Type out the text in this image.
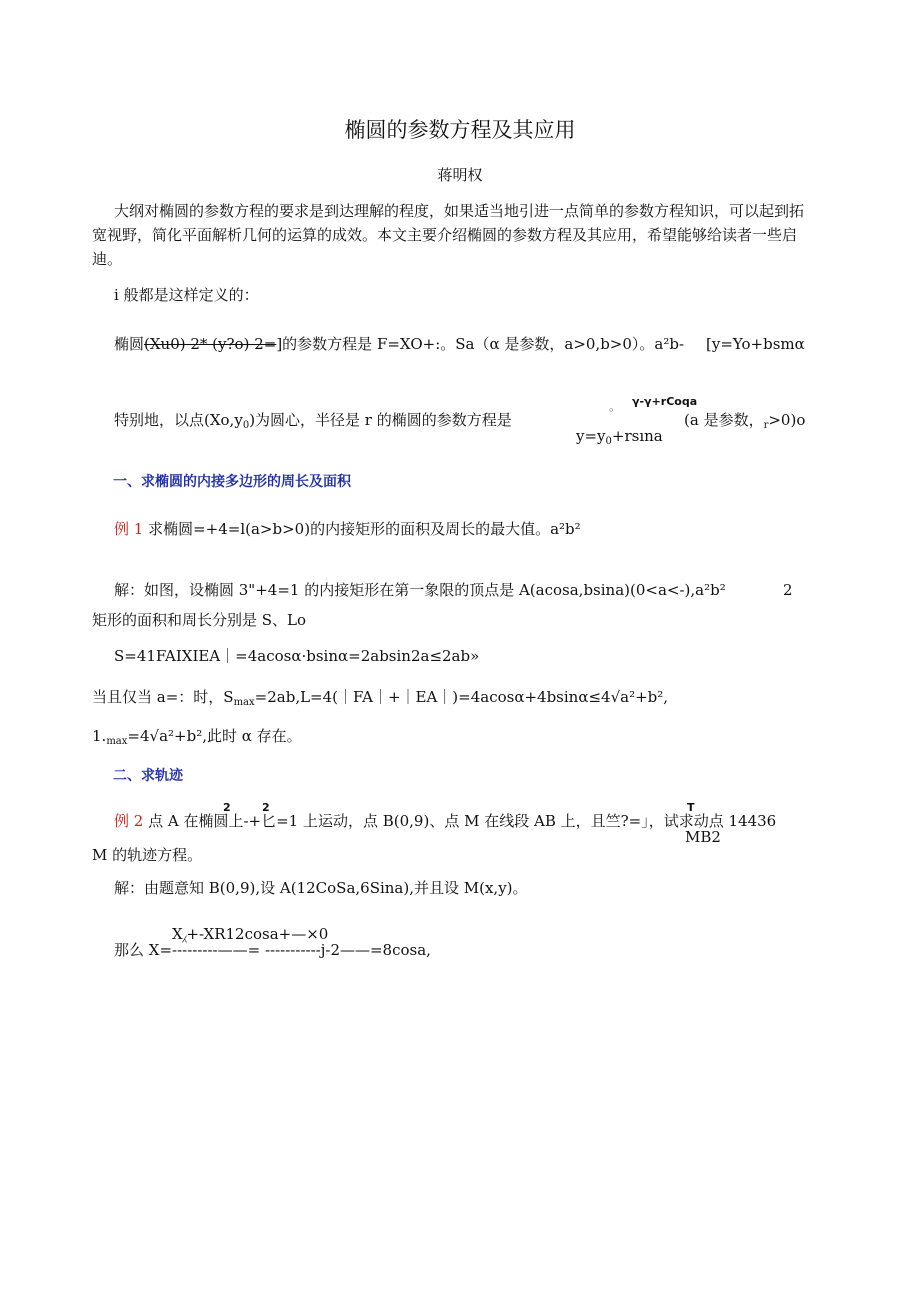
椭圆的参数方程及其应用
蒋明权
大纲对椭圆的参数方程的要求是到达理解的程度，如果适当地引进一点简单的参数方程知识，可以起到拓
宽视野，简化平面解析几何的运算的成效。本文主要介绍椭圆的参数方程及其应用，希望能够给读者一些启
迪。
i 般都是这样定义的：
椭圆(Xu0) 2* (y?o) 2=]的参数方程是 F=XO+:。Sa（α 是参数，a>0,b>0）。a²b- [y=Yo+bsmα
γ-γ+rCoqa
特别地，以点$(Xo,y_0)$为圆心，半径是 r 的椭圆的参数方程是
◦
(a 是参数，$_r$>0)o
$y=y_0+rsına$
一、求椭圆的内接多边形的周长及面积
例 1 求椭圆=+4=l(a>b>0)的内接矩形的面积及周长的最大值。a²b²
解：如图，设椭圆 3"+4=1 的内接矩形在第一象限的顶点是 A(acosa,bsina)(0<a<-),a²b²	2
矩形的面积和周长分别是 S、Lo
S=41FAIXIEA｜=4acosα·bsinα=2absin2a≤2ab»
当且仅当 a=：时，$S_{max}=2ab,L=4(|FA|+|EA|)=4acos\alpha+4bsin\alpha\le 4√a^2+b^2$,
$1._{max}=4√a^2+b^2$,此时 α 存在。
二、求轨迹
2	2	T
例 2 点 A 在椭圆上-+匕=1 上运动，点 B(0,9)、点 M 在线段 AB 上，且竺?=」，试求动点 14436
MB2
M 的轨迹方程。
解：由题意知 B(0,9),设 A(12CoSa,6Sina),并且设 M(x,y)。
X⁁+-XR12cosa+—×0
那么 X=---------——= -----------j-2——=8cosa,
